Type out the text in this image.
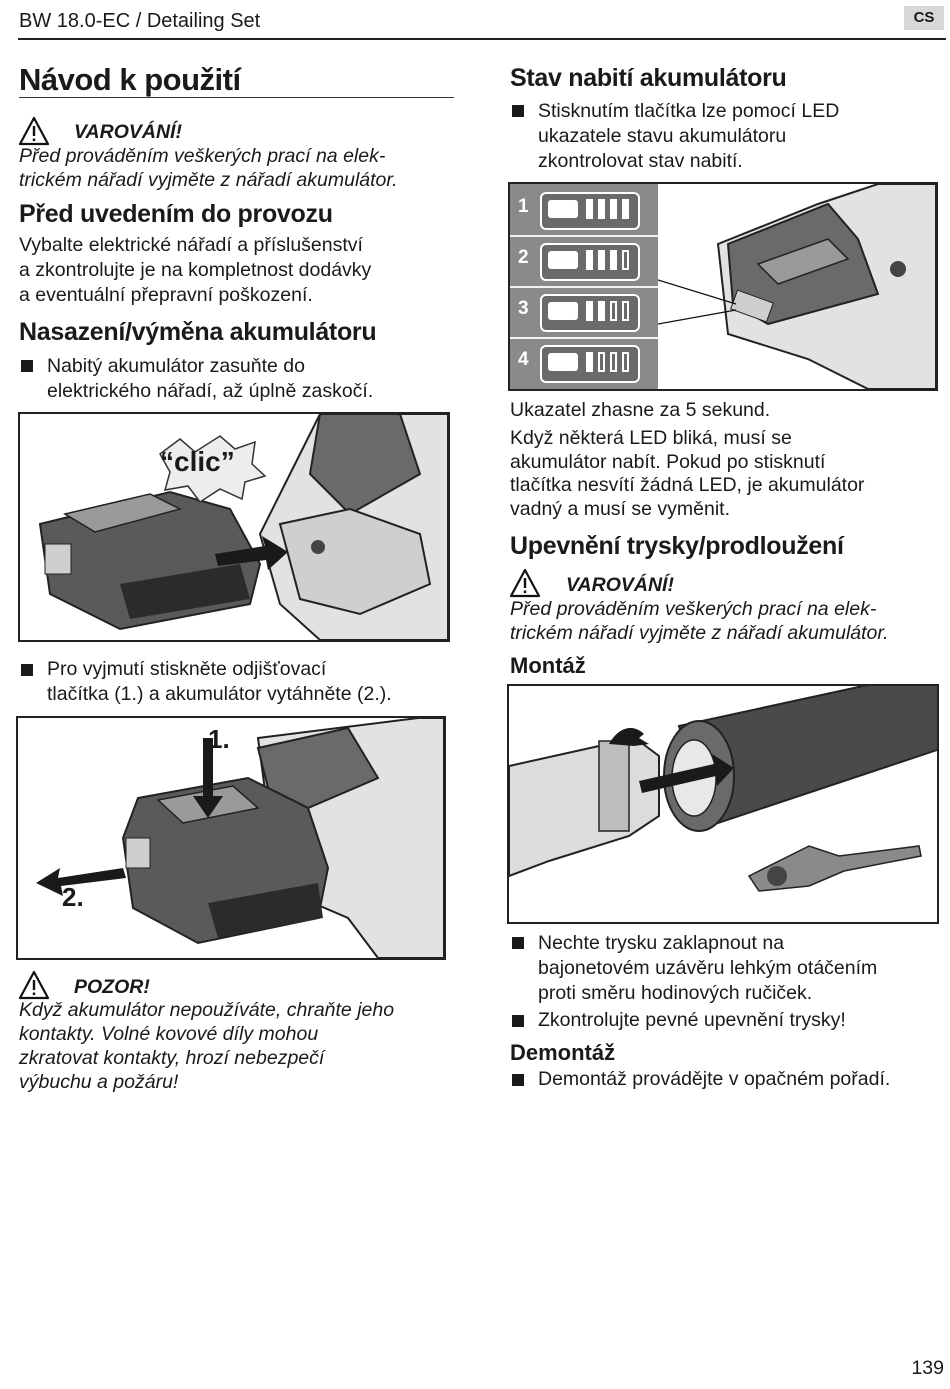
BW 18.0-EC / Detailing Set	CS
Návod k použití
VAROVÁNÍ!
Před prováděním veškerých prací na elek-
trickém nářadí vyjměte z nářadí akumulátor.
Před uvedením do provozu
Vybalte elektrické nářadí a příslušenství
a zkontrolujte je na kompletnost dodávky
a eventuální přepravní poškození.
Nasazení/výměna akumulátoru
Nabitý akumulátor zasuňte do
elektrického nářadí, až úplně zaskočí.
“clic”
Pro vyjmutí stiskněte odjišťovací
tlačítka (1.) a akumulátor vytáhněte (2.).
1.
2.
POZOR!
Když akumulátor nepoužíváte, chraňte jeho
kontakty. Volné kovové díly mohou
zkratovat kontakty, hrozí nebezpečí
výbuchu a požáru!
Stav nabití akumulátoru
Stisknutím tlačítka lze pomocí LED
ukazatele stavu akumulátoru
zkontrolovat stav nabití.
1
2
3
4
Ukazatel zhasne za 5 sekund.
Když některá LED bliká, musí se
akumulátor nabít. Pokud po stisknutí
tlačítka nesvítí žádná LED, je akumulátor
vadný a musí se vyměnit.
Upevnění trysky/prodloužení
VAROVÁNÍ!
Před prováděním veškerých prací na elek-
trickém nářadí vyjměte z nářadí akumulátor.
Montáž
Nechte trysku zaklapnout na
bajonetovém uzávěru lehkým otáčením
proti směru hodinových ručiček.
Zkontrolujte pevné upevnění trysky!
Demontáž
Demontáž provádějte v opačném pořadí.
139
